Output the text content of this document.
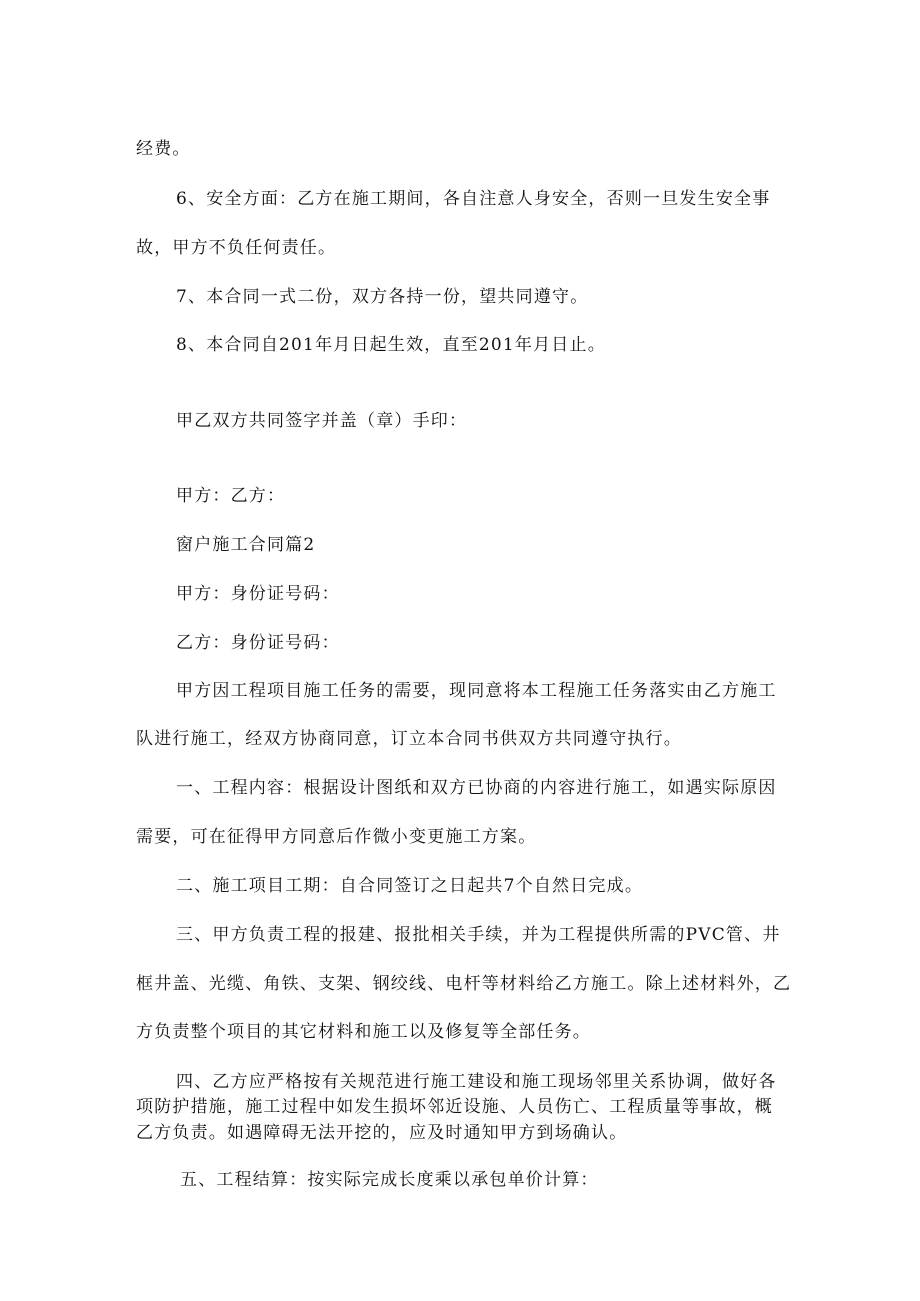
经费。

6、安全方面：乙方在施工期间，各自注意人身安全，否则一旦发生安全事

故，甲方不负任何责任。

7、本合同一式二份，双方各持一份，望共同遵守。

8、本合同自201年月日起生效，直至201年月日止。

甲乙双方共同签字并盖（章）手印：

甲方：乙方：

窗户施工合同篇2

甲方：身份证号码：

乙方：身份证号码：

甲方因工程项目施工任务的需要，现同意将本工程施工任务落实由乙方施工

队进行施工，经双方协商同意，订立本合同书供双方共同遵守执行。

一、工程内容：根据设计图纸和双方已协商的内容进行施工，如遇实际原因

需要，可在征得甲方同意后作微小变更施工方案。

二、施工项目工期：自合同签订之日起共7个自然日完成。

三、甲方负责工程的报建、报批相关手续，并为工程提供所需的PVC管、井

框井盖、光缆、角铁、支架、钢绞线、电杆等材料给乙方施工。除上述材料外，乙

方负责整个项目的其它材料和施工以及修复等全部任务。

四、乙方应严格按有关规范进行施工建设和施工现场邻里关系协调，做好各

项防护措施，施工过程中如发生损坏邻近设施、人员伤亡、工程质量等事故，概

乙方负责。如遇障碍无法开挖的，应及时通知甲方到场确认。

五、工程结算：按实际完成长度乘以承包单价计算：
